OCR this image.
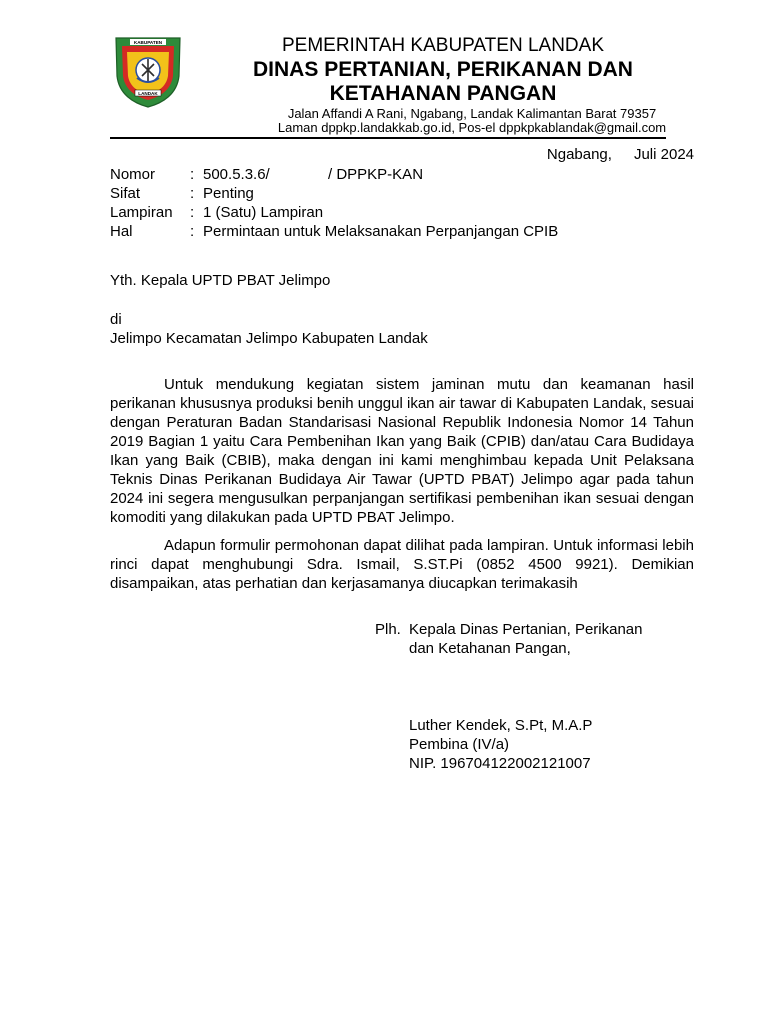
KABUPATEN
LANDAK
PEMERINTAH KABUPATEN LANDAK
DINAS PERTANIAN, PERIKANAN DAN
KETAHANAN PANGAN
Jalan Affandi A Rani, Ngabang, Landak Kalimantan Barat 79357
Laman dppkp.landakkab.go.id, Pos-el dppkpkablandak@gmail.com
Ngabang, Juli 2024
Nomor : 500.5.3.6/	/ DPPKP-KAN
Sifat	: Penting
Lampiran : 1 (Satu) Lampiran
Hal	: Permintaan untuk Melaksanakan Perpanjangan CPIB
Yth. Kepala UPTD PBAT Jelimpo
di
Jelimpo Kecamatan Jelimpo Kabupaten Landak
Untuk mendukung kegiatan sistem jaminan mutu dan keamanan hasil perikanan khususnya produksi benih unggul ikan air tawar di Kabupaten Landak, sesuai dengan Peraturan Badan Standarisasi Nasional Republik Indonesia Nomor 14 Tahun 2019 Bagian 1 yaitu Cara Pembenihan Ikan yang Baik (CPIB) dan/atau Cara Budidaya Ikan yang Baik (CBIB), maka dengan ini kami menghimbau kepada Unit Pelaksana Teknis Dinas Perikanan Budidaya Air Tawar (UPTD PBAT) Jelimpo agar pada tahun 2024 ini segera mengusulkan perpanjangan sertifikasi pembenihan ikan sesuai dengan komoditi yang dilakukan pada UPTD PBAT Jelimpo.
Adapun formulir permohonan dapat dilihat pada lampiran. Untuk informasi lebih rinci dapat menghubungi Sdra. Ismail, S.ST.Pi (0852 4500 9921). Demikian disampaikan, atas perhatian dan kerjasamanya diucapkan terimakasih
Plh. Kepala Dinas Pertanian, Perikanan
dan Ketahanan Pangan,
Luther Kendek, S.Pt, M.A.P
Pembina (IV/a)
NIP. 196704122002121007
